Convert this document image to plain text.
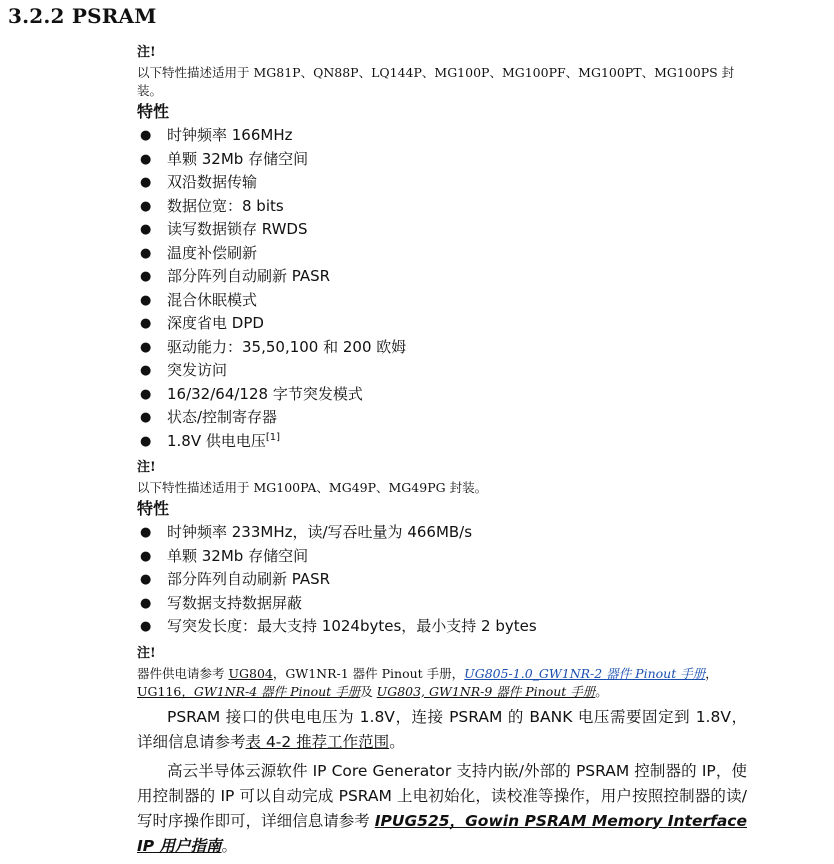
3.2.2 PSRAM
注!
以下特性描述适用于 MG81P、QN88P、LQ144P、MG100P、MG100PF、MG100PT、MG100PS 封装。
特性
● 时钟频率 166MHz
● 单颗 32Mb 存储空间
● 双沿数据传输
● 数据位宽：8 bits
● 读写数据锁存 RWDS
● 温度补偿刷新
● 部分阵列自动刷新 PASR
● 混合休眠模式
● 深度省电 DPD
● 驱动能力：35,50,100 和 200 欧姆
● 突发访问
● 16/32/64/128 字节突发模式
● 状态/控制寄存器
● 1.8V 供电电压[1]
注!
以下特性描述适用于 MG100PA、MG49P、MG49PG 封装。
特性
● 时钟频率 233MHz，读/写吞吐量为 466MB/s
● 单颗 32Mb 存储空间
● 部分阵列自动刷新 PASR
● 写数据支持数据屏蔽
● 写突发长度：最大支持 1024bytes，最小支持 2 bytes
注!
器件供电请参考 UG804，GW1NR-1 器件 Pinout 手册，UG805-1.0_GW1NR-2 器件 Pinout 手册，UG116，GW1NR-4 器件 Pinout 手册及 UG803, GW1NR-9 器件 Pinout 手册。
PSRAM 接口的供电电压为 1.8V，连接 PSRAM 的 BANK 电压需要固定到 1.8V，详细信息请参考表 4-2 推荐工作范围。
高云半导体云源软件 IP Core Generator 支持内嵌/外部的 PSRAM 控制器的 IP，使用控制器的 IP 可以自动完成 PSRAM 上电初始化，读校准等操作，用户按照控制器的读/写时序操作即可，详细信息请参考 IPUG525，Gowin PSRAM Memory Interface IP 用户指南。
